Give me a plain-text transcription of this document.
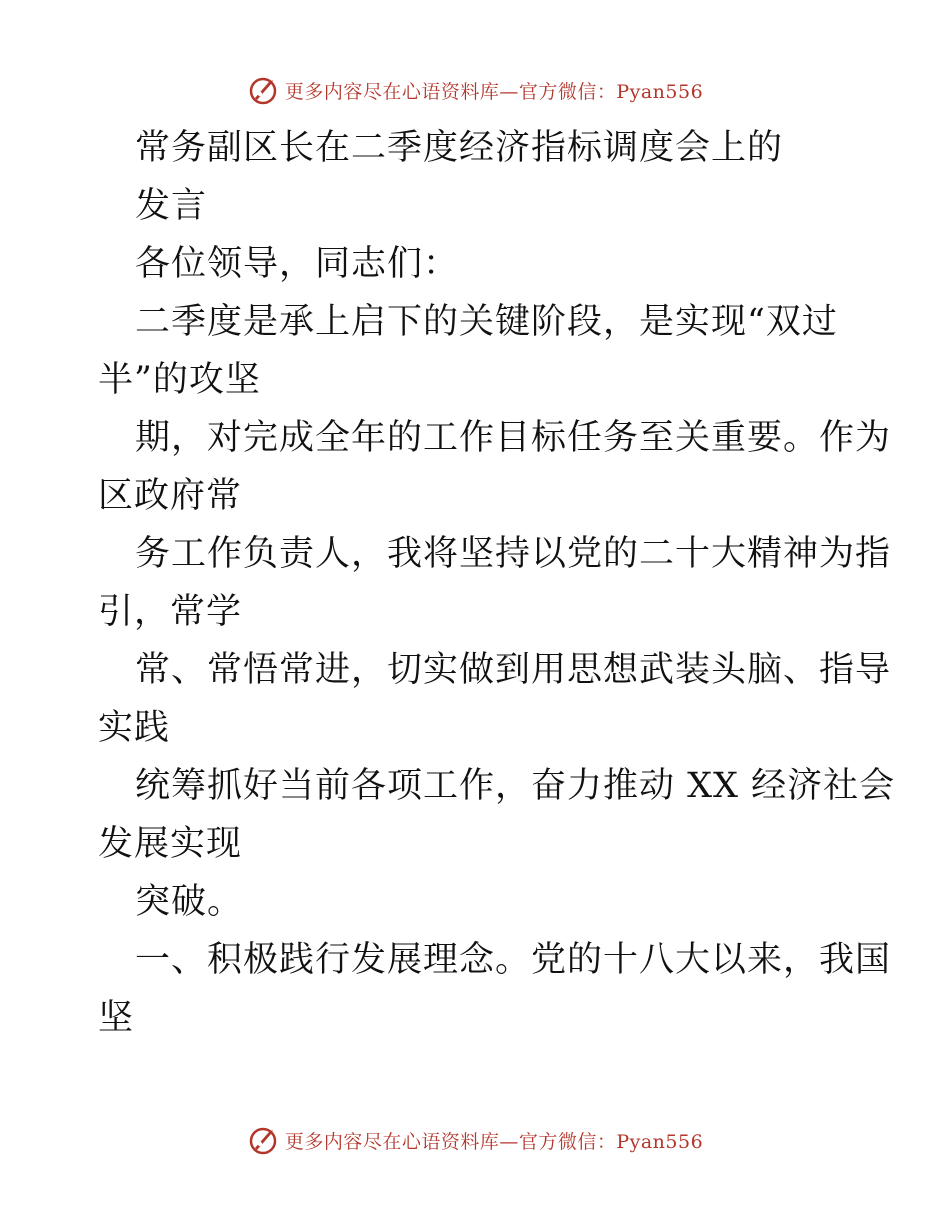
更多内容尽在心语资料库—官方微信：Pyan556
常务副区长在二季度经济指标调度会上的
发言
各位领导，同志们：
二季度是承上启下的关键阶段，是实现“双过
半”的攻坚
期，对完成全年的工作目标任务至关重要。作为
区政府常
务工作负责人，我将坚持以党的二十大精神为指
引，常学
常、常悟常进，切实做到用思想武装头脑、指导
实践
统筹抓好当前各项工作，奋力推动 XX 经济社会
发展实现
突破。
一、积极践行发展理念。党的十八大以来，我国
坚
更多内容尽在心语资料库—官方微信：Pyan556
